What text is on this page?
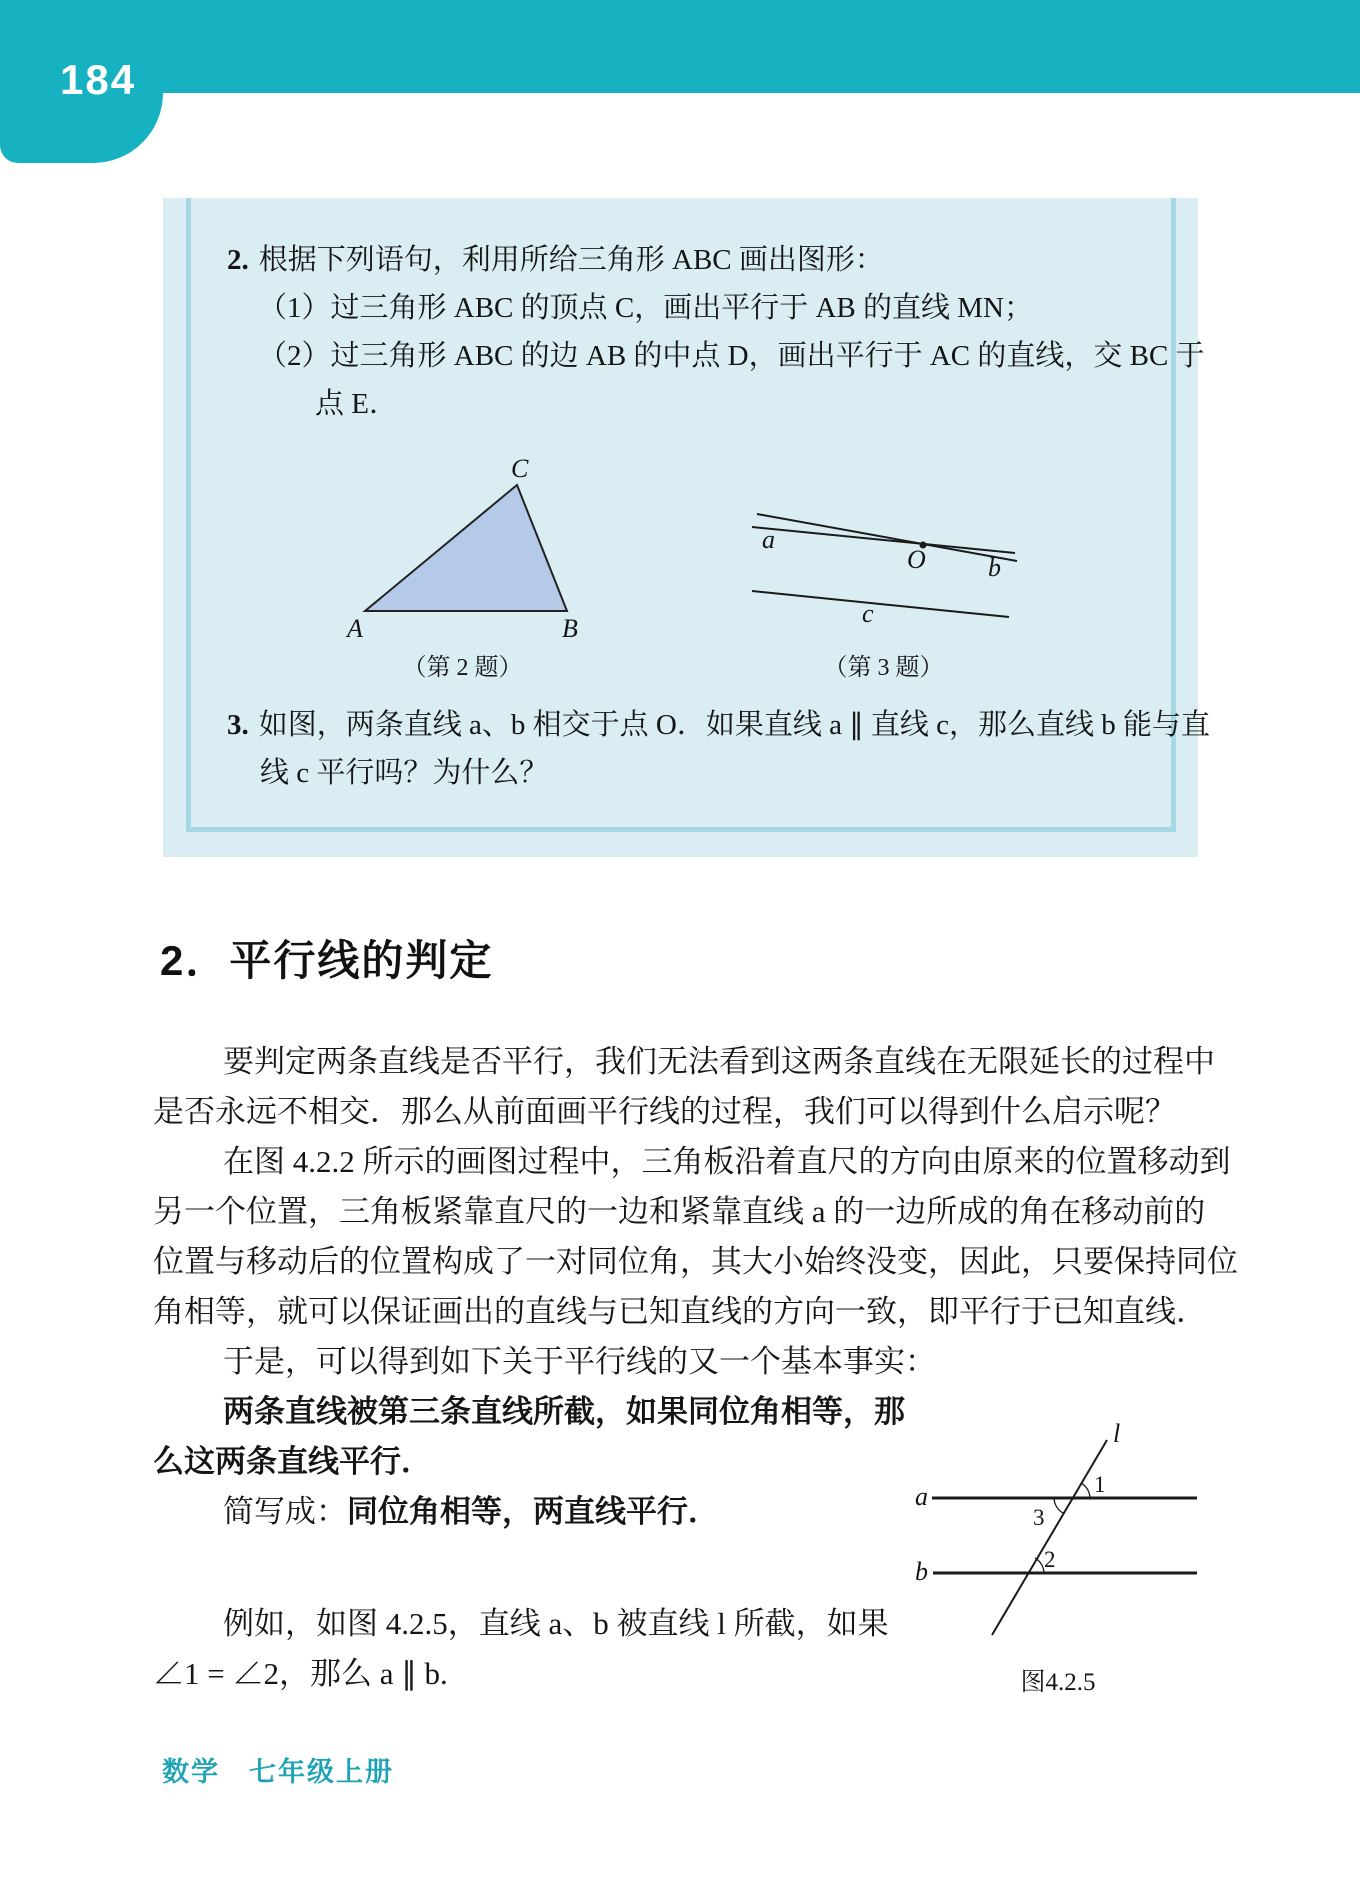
184
2. 根据下列语句，利用所给三角形 ABC 画出图形：
（1）过三角形 ABC 的顶点 C，画出平行于 AB 的直线 MN；
（2）过三角形 ABC 的边 AB 的中点 D，画出平行于 AC 的直线，交 BC 于
点 E．
A	B
C
（第 2 题）
a
O b
c
（第 3 题）
3. 如图，两条直线 a、b 相交于点 O．如果直线 a ∥ 直线 c，那么直线 b 能与直
线 c 平行吗？为什么？
2．平行线的判定
要判定两条直线是否平行，我们无法看到这两条直线在无限延长的过程中
是否永远不相交．那么从前面画平行线的过程，我们可以得到什么启示呢？
在图 4.2.2 所示的画图过程中，三角板沿着直尺的方向由原来的位置移动到
另一个位置，三角板紧靠直尺的一边和紧靠直线 a 的一边所成的角在移动前的
位置与移动后的位置构成了一对同位角，其大小始终没变，因此，只要保持同位
角相等，就可以保证画出的直线与已知直线的方向一致，即平行于已知直线．
于是，可以得到如下关于平行线的又一个基本事实：
两条直线被第三条直线所截，如果同位角相等，那
么这两条直线平行．
简写成：同位角相等，两直线平行．
例如，如图 4.2.5，直线 a、b 被直线 l 所截，如果
∠1 = ∠2，那么 a ∥ b.
l
a
b
1
3
2
图4.2.5
数学　七年级上册
